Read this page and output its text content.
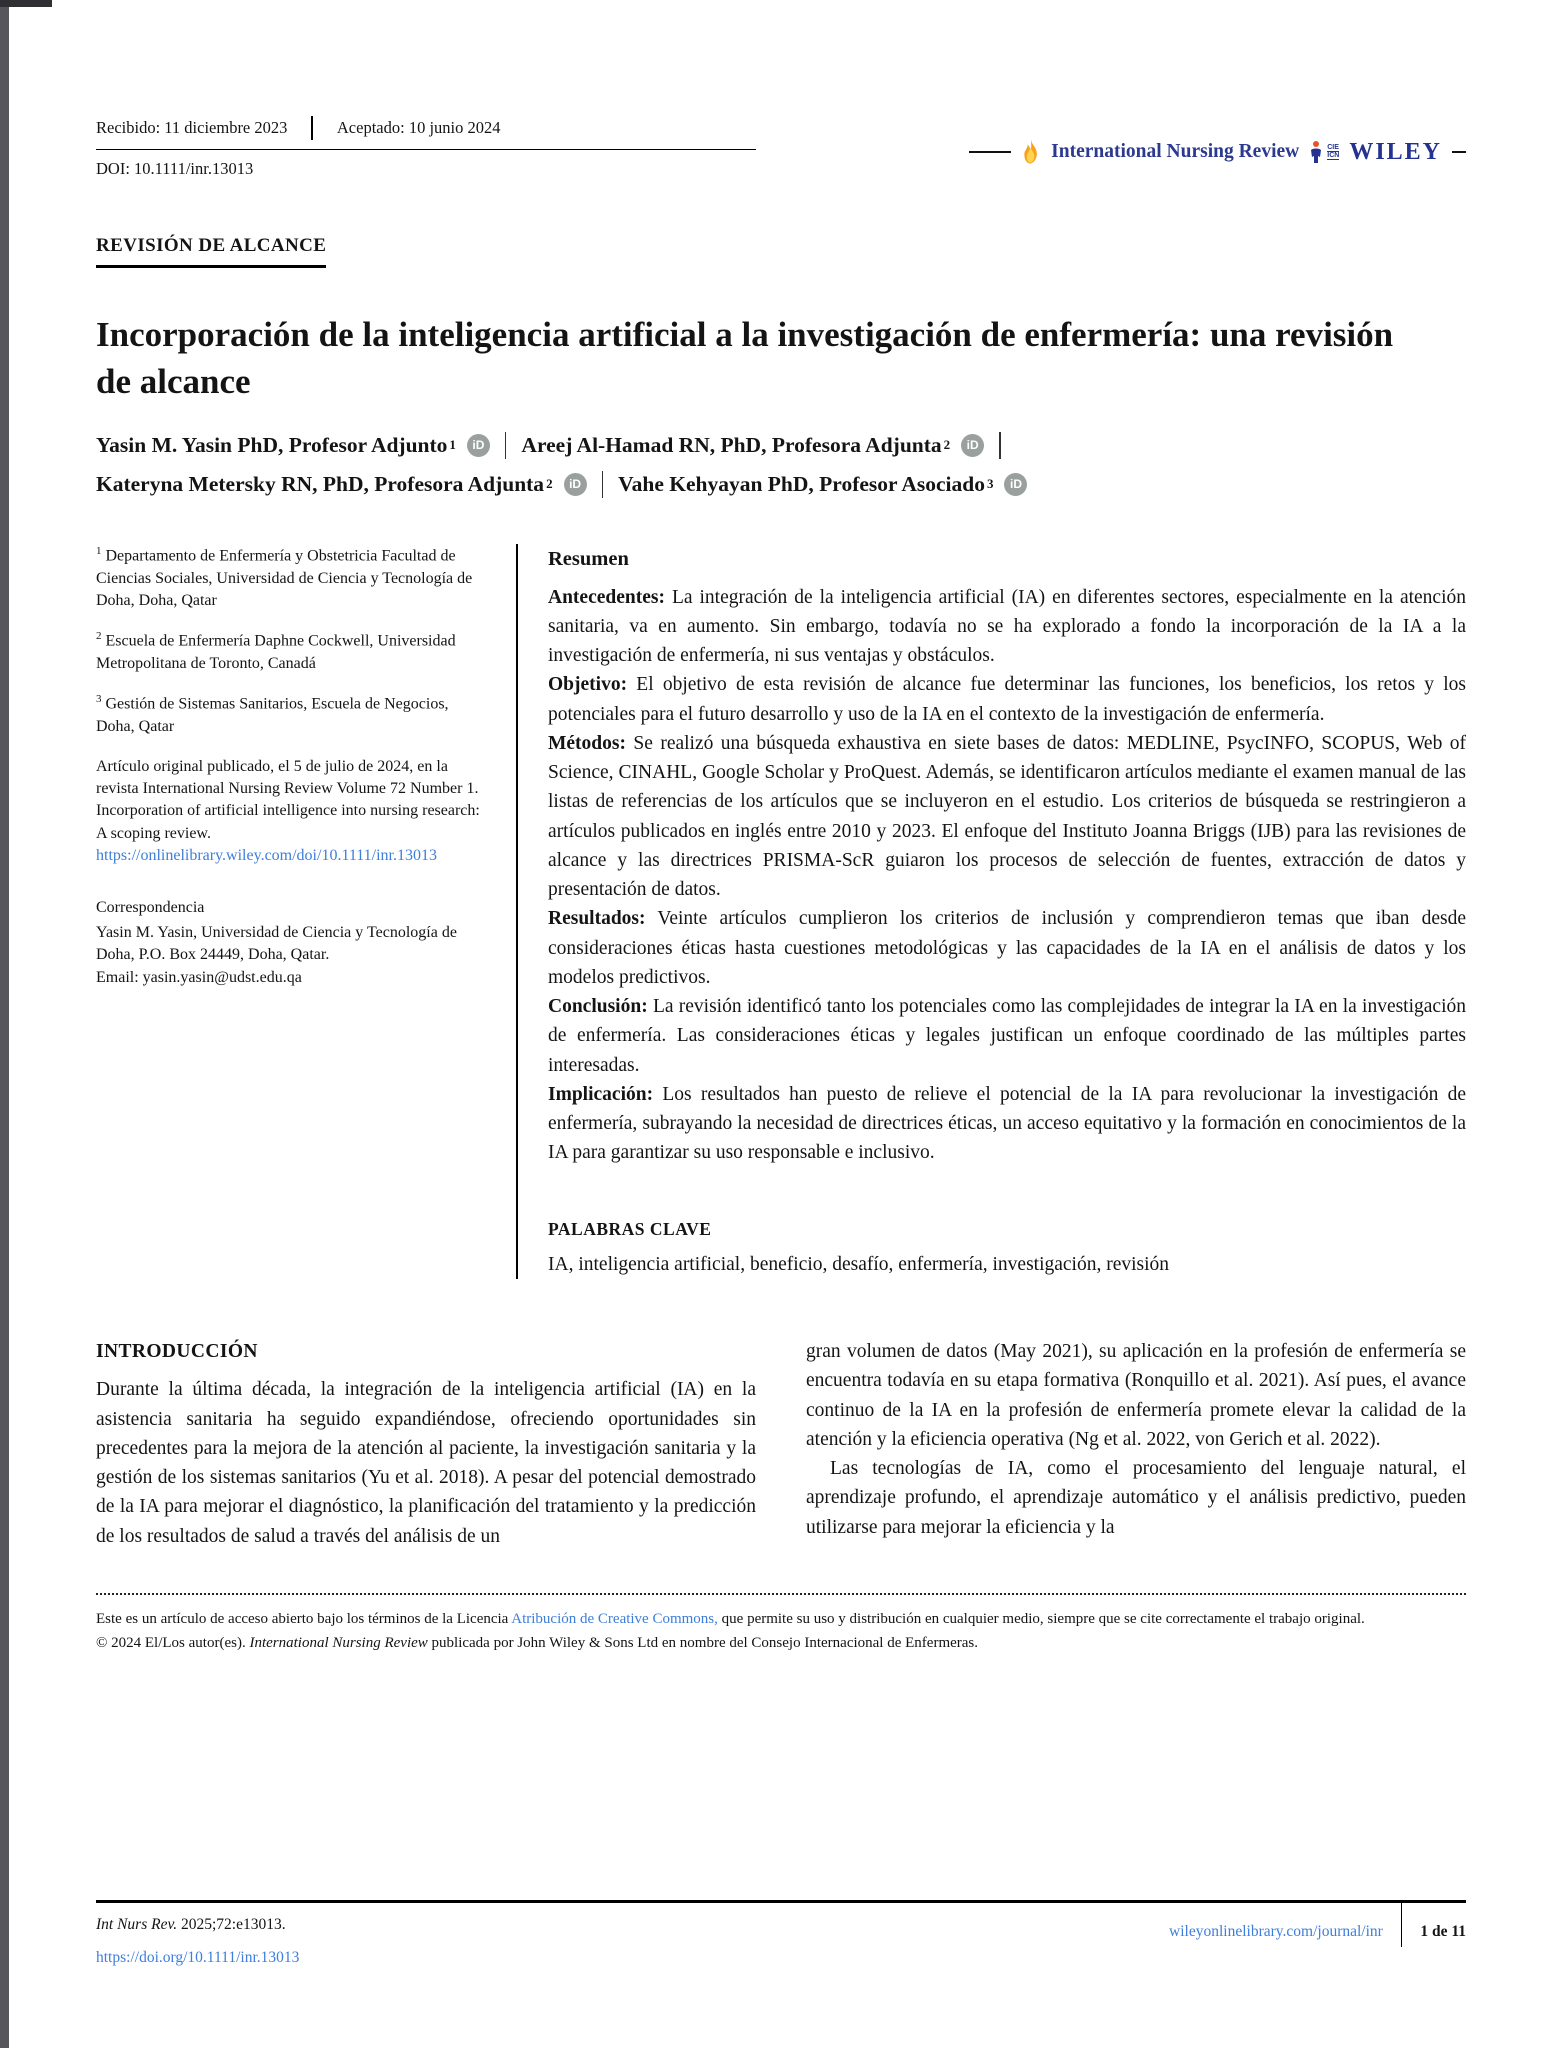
Recibido: 11 diciembre 2023	Aceptado: 10 junio 2024
DOI: 10.1111/inr.13013
International Nursing Review	CIE
ICN WILEY
REVISIÓN DE ALCANCE
Incorporación de la inteligencia artificial a la investigación de enfermería: una revisión de alcance
Yasin M. Yasin PhD, Profesor Adjunto 1	iD Areej Al-Hamad RN, PhD, Profesora Adjunta 2	iD
Kateryna Metersky RN, PhD, Profesora Adjunta 2	iD Vahe Kehyayan PhD, Profesor Asociado 3	iD

$^1$ Departamento de Enfermería y Obstetricia Facultad de Ciencias Sociales, Universidad de Ciencia y Tecnología de Doha, Doha, Qatar

$^2$ Escuela de Enfermería Daphne Cockwell, Universidad Metropolitana de Toronto, Canadá

$^3$ Gestión de Sistemas Sanitarios, Escuela de Negocios, Doha, Qatar

Artículo original publicado, el 5 de julio de 2024, en la revista International Nursing Review Volume 72 Number 1. Incorporation of artificial intelligence into nursing research: A scoping review.

https://onlinelibrary.wiley.com/doi/10.1111/inr.13013

Correspondencia

Yasin M. Yasin, Universidad de Ciencia y Tecnología de Doha, P.O. Box 24449, Doha, Qatar.

Email: yasin.yasin@udst.edu.qa

Resumen

Antecedentes: La integración de la inteligencia artificial (IA) en diferentes sectores, especialmente en la atención sanitaria, va en aumento. Sin embargo, todavía no se ha explorado a fondo la incorporación de la IA a la investigación de enfermería, ni sus ventajas y obstáculos.

Objetivo: El objetivo de esta revisión de alcance fue determinar las funciones, los beneficios, los retos y los potenciales para el futuro desarrollo y uso de la IA en el contexto de la investigación de enfermería.

Métodos: Se realizó una búsqueda exhaustiva en siete bases de datos: MEDLINE, PsycINFO, SCOPUS, Web of Science, CINAHL, Google Scholar y ProQuest. Además, se identificaron artículos mediante el examen manual de las listas de referencias de los artículos que se incluyeron en el estudio. Los criterios de búsqueda se restringieron a artículos publicados en inglés entre 2010 y 2023. El enfoque del Instituto Joanna Briggs (IJB) para las revisiones de alcance y las directrices PRISMA-ScR guiaron los procesos de selección de fuentes, extracción de datos y presentación de datos.

Resultados: Veinte artículos cumplieron los criterios de inclusión y comprendieron temas que iban desde consideraciones éticas hasta cuestiones metodológicas y las capacidades de la IA en el análisis de datos y los modelos predictivos.

Conclusión: La revisión identificó tanto los potenciales como las complejidades de integrar la IA en la investigación de enfermería. Las consideraciones éticas y legales justifican un enfoque coordinado de las múltiples partes interesadas.

Implicación: Los resultados han puesto de relieve el potencial de la IA para revolucionar la investigación de enfermería, subrayando la necesidad de directrices éticas, un acceso equitativo y la formación en conocimientos de la IA para garantizar su uso responsable e inclusivo.

PALABRAS CLAVE
IA, inteligencia artificial, beneficio, desafío, enfermería, investigación, revisión
INTRODUCCIÓN

Durante la última década, la integración de la inteligencia artificial (IA) en la asistencia sanitaria ha seguido expandiéndose, ofreciendo oportunidades sin precedentes para la mejora de la atención al paciente, la investigación sanitaria y la gestión de los sistemas sanitarios (Yu et al. 2018). A pesar del potencial demostrado de la IA para mejorar el diagnóstico, la planificación del tratamiento y la predicción de los resultados de salud a través del análisis de un

gran volumen de datos (May 2021), su aplicación en la profesión de enfermería se encuentra todavía en su etapa formativa (Ronquillo et al. 2021). Así pues, el avance continuo de la IA en la profesión de enfermería promete elevar la calidad de la atención y la eficiencia operativa (Ng et al. 2022, von Gerich et al. 2022).

Las tecnologías de IA, como el procesamiento del lenguaje natural, el aprendizaje profundo, el aprendizaje automático y el análisis predictivo, pueden utilizarse para mejorar la eficiencia y la

Este es un artículo de acceso abierto bajo los términos de la Licencia Atribución de Creative Commons, que permite su uso y distribución en cualquier medio, siempre que se cite correctamente el trabajo original.

© 2024 El/Los autor(es). International Nursing Review publicada por John Wiley & Sons Ltd en nombre del Consejo Internacional de Enfermeras.

Int Nurs Rev. 2025;72:e13013.
https://doi.org/10.1111/inr.13013
wileyonlinelibrary.com/journal/inr 1 de 11
